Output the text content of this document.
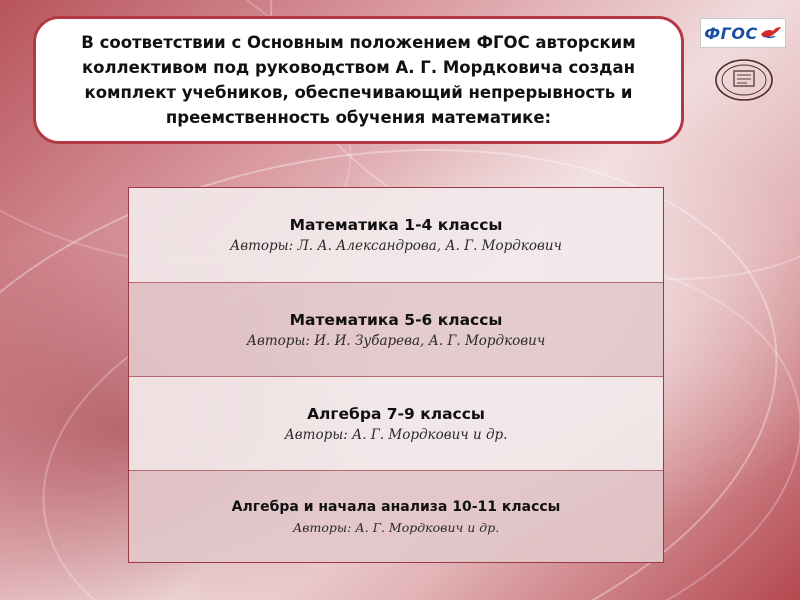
В соответствии с Основным положением ФГОС авторским коллективом под руководством А. Г. Мордковича создан комплект учебников, обеспечивающий непрерывность и преемственность обучения математике:
ФГОС
Математика 1-4 классы
Авторы: Л. А. Александрова, А. Г. Мордкович
Математика 5-6 классы
Авторы: И. И. Зубарева, А. Г. Мордкович
Алгебра 7-9 классы
Авторы: А. Г. Мордкович и др.
Алгебра и начала анализа 10-11 классы
Авторы: А. Г. Мордкович и др.
